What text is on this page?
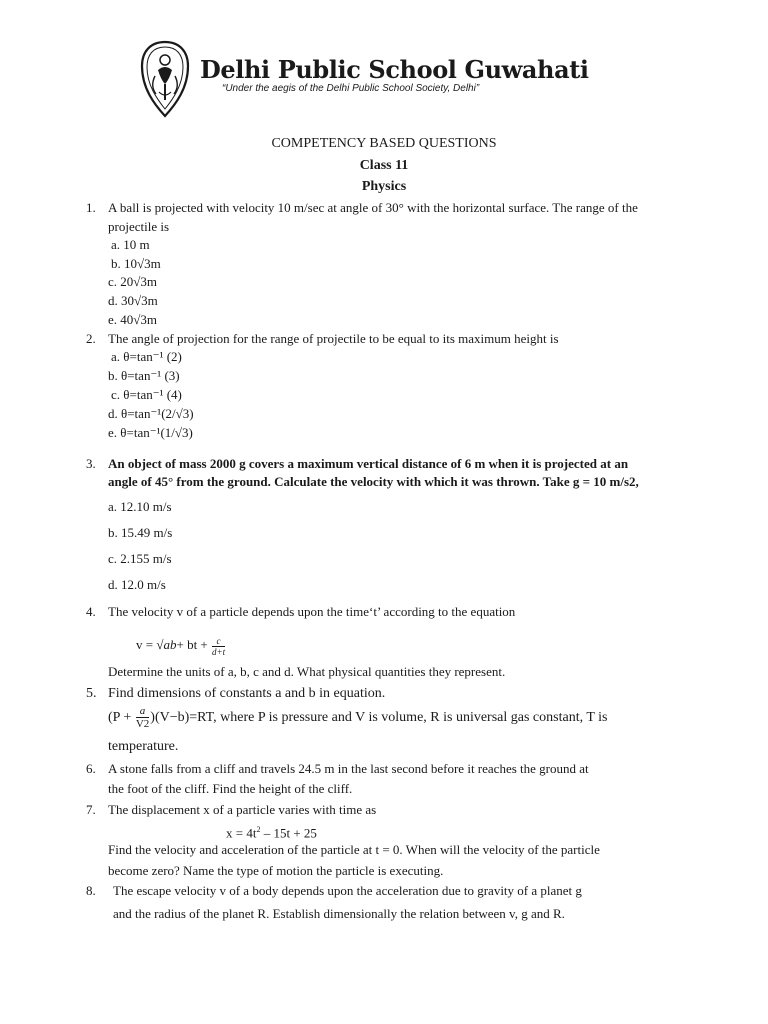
Delhi Public School Guwahati
“Under the aegis of the Delhi Public School Society, Delhi”
COMPETENCY BASED QUESTIONS
Class 11
Physics
1. A ball is projected with velocity 10 m/sec at angle of 30° with the horizontal surface. The range of the
projectile is
a. 10 m
b. 10√3m
c. 20√3m
d. 30√3m
e. 40√3m
2. The angle of projection for the range of projectile to be equal to its maximum height is
a. θ=tan⁻¹ (2)
b. θ=tan⁻¹ (3)
c. θ=tan⁻¹ (4)
d. θ=tan⁻¹(2/√3)
e. θ=tan⁻¹(1/√3)
3. An object of mass 2000 g covers a maximum vertical distance of 6 m when it is projected at an
angle of 45° from the ground. Calculate the velocity with which it was thrown. Take g = 10 m/s2,
a. 12.10 m/s
b. 15.49 m/s
c. 2.155 m/s
d. 12.0 m/s
4. The velocity v of a particle depends upon the time‘t’ according to the equation
v = √ab+ bt + $\frac{c}{d+t}$
Determine the units of a, b, c and d. What physical quantities they represent.
5. Find dimensions of constants a and b in equation.
$(P + \frac{a}{V2} )(V-b)=RT$, where P is pressure and V is volume, R is universal gas constant, T is
temperature.
6. A stone falls from a cliff and travels 24.5 m in the last second before it reaches the ground at
the foot of the cliff. Find the height of the cliff.
7. The displacement x of a particle varies with time as
$x = 4t^2 - 15t + 25$
Find the velocity and acceleration of the particle at t = 0. When will the velocity of the particle
become zero? Name the type of motion the particle is executing.
8. The escape velocity v of a body depends upon the acceleration due to gravity of a planet g
and the radius of the planet R. Establish dimensionally the relation between v, g and R.
